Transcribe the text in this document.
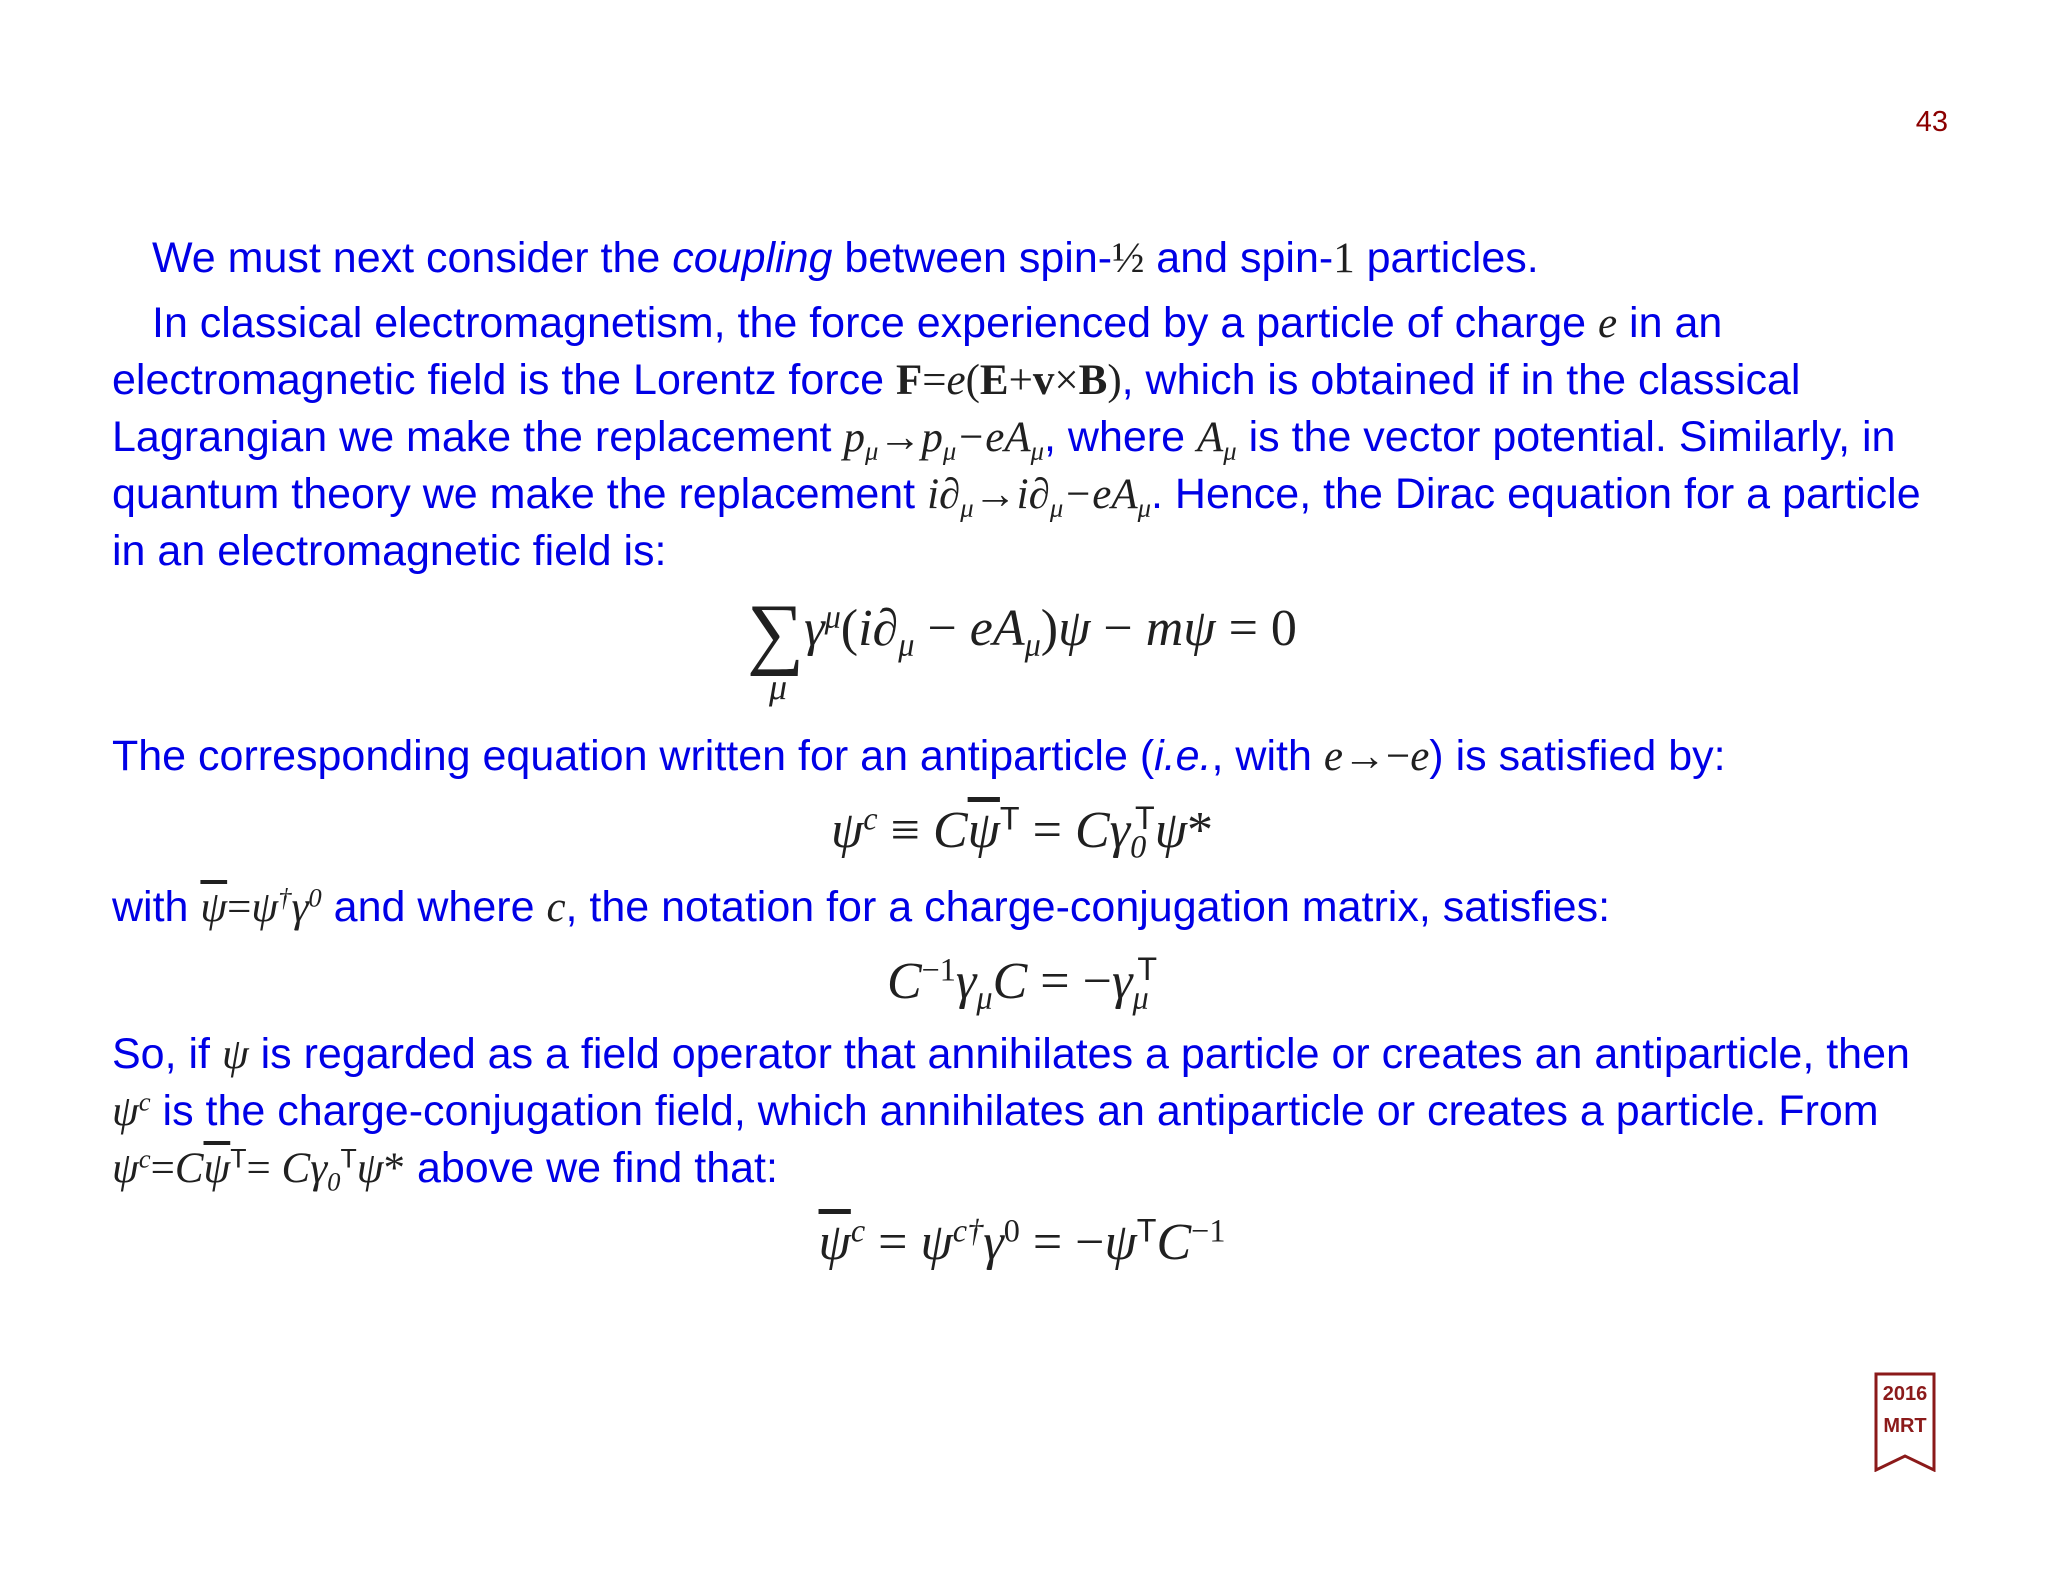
43

We must next consider the coupling between spin-½ and spin-1 particles.

In classical electromagnetism, the force experienced by a particle of charge e in an electromagnetic field is the Lorentz force F=e(E+v×B), which is obtained if in the classical Lagrangian we make the replacement $p_\mu\to p_\mu-eA_\mu$, where $A_\mu$ is the vector potential. Similarly, in quantum theory we make the replacement $i\partial_\mu\to i\partial_\mu-eA_\mu$. Hence, the Dirac equation for a particle in an electromagnetic field is:

∑
μ
$\gamma^\mu(i\partial_\mu - eA_\mu)\psi - m\psi = 0$

The corresponding equation written for an antiparticle (i.e., with e→−e) is satisfied by:

$\psi^c \equiv C\overline{\psi}^T = C\gamma_0^T\psi*$

with $\overline{\psi}=\psi^\dagger\gamma^0$ and where c, the notation for a charge-conjugation matrix, satisfies:

$C^{-1}\gamma_\mu C = -\gamma_\mu^T$

So, if ψ is regarded as a field operator that annihilates a particle or creates an antiparticle, then $\psi^c$ is the charge-conjugation field, which annihilates an antiparticle or creates a particle. From $\psi^c=C\overline{\psi}^T= C\gamma_0^T\psi*$ above we find that:

$\overline{\psi}^c = \psi^{c\dagger}\gamma^0 = -\psi^TC^{-1}$
2016
MRT
